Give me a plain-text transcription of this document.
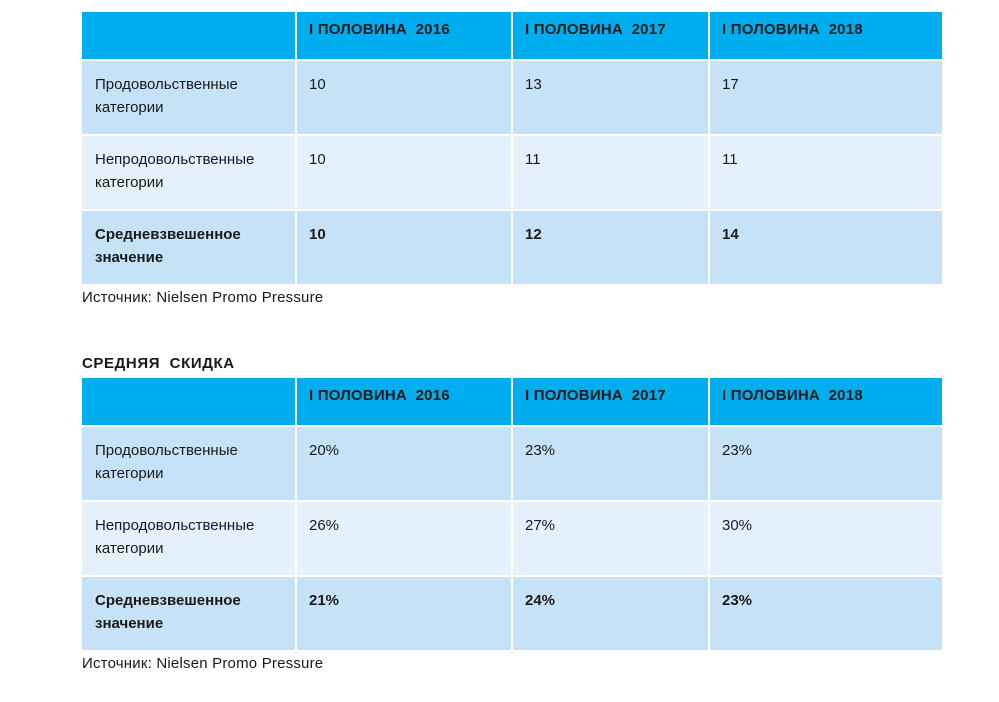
	I ПОЛОВИНА  2016	I ПОЛОВИНА  2017	I ПОЛОВИНА  2018
Продовольственные категории	10	13	17
Непродовольственные категории	10	11	11
Средневзвешенное значение	10	12	14
Источник: Nielsen Promo Pressure
СРЕДНЯЯ  СКИДКА
	I ПОЛОВИНА  2016	I ПОЛОВИНА  2017	I ПОЛОВИНА  2018
Продовольственные категории	20%	23%	23%
Непродовольственные категории	26%	27%	30%
Средневзвешенное значение	21%	24%	23%
Источник: Nielsen Promo Pressure
